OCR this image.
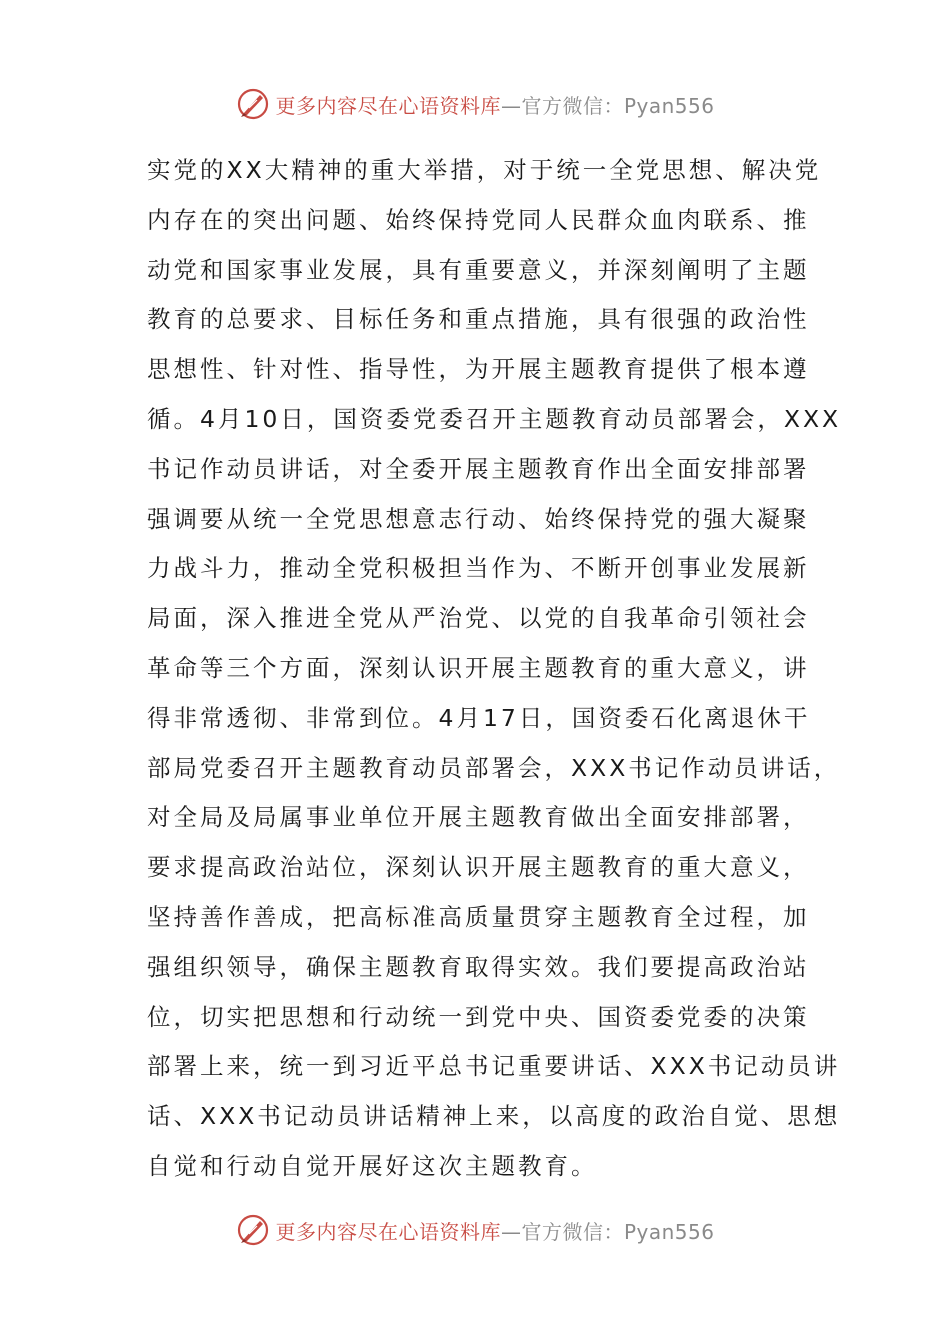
更多内容尽在心语资料库—官方微信：Pyan556
实党的XX大精神的重大举措，对于统一全党思想、解决党
内存在的突出问题、始终保持党同人民群众血肉联系、推
动党和国家事业发展，具有重要意义，并深刻阐明了主题
教育的总要求、目标任务和重点措施，具有很强的政治性
思想性、针对性、指导性，为开展主题教育提供了根本遵
循。4月10日，国资委党委召开主题教育动员部署会，XXX
书记作动员讲话，对全委开展主题教育作出全面安排部署
强调要从统一全党思想意志行动、始终保持党的强大凝聚
力战斗力，推动全党积极担当作为、不断开创事业发展新
局面，深入推进全党从严治党、以党的自我革命引领社会
革命等三个方面，深刻认识开展主题教育的重大意义，讲
得非常透彻、非常到位。4月17日，国资委石化离退休干
部局党委召开主题教育动员部署会，XXX书记作动员讲话，
对全局及局属事业单位开展主题教育做出全面安排部署，
要求提高政治站位，深刻认识开展主题教育的重大意义，
坚持善作善成，把高标准高质量贯穿主题教育全过程，加
强组织领导，确保主题教育取得实效。我们要提高政治站
位，切实把思想和行动统一到党中央、国资委党委的决策
部署上来，统一到习近平总书记重要讲话、XXX书记动员讲
话、XXX书记动员讲话精神上来，以高度的政治自觉、思想
自觉和行动自觉开展好这次主题教育。
更多内容尽在心语资料库—官方微信：Pyan556
